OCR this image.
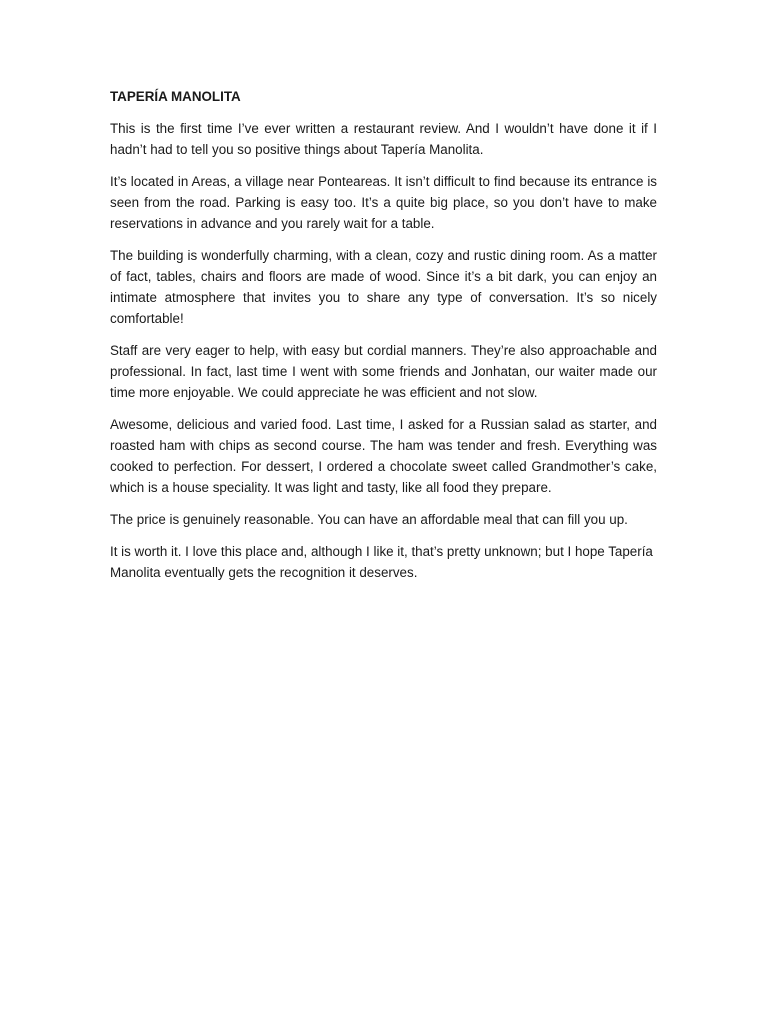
TAPERÍA MANOLITA

This is the first time I’ve ever written a restaurant review. And I wouldn’t have done it if I hadn’t had to tell you so positive things about Tapería Manolita.

It’s located in Areas, a village near Ponteareas. It isn’t difficult to find because its entrance is seen from the road. Parking is easy too. It’s a quite big place, so you don’t have to make reservations in advance and you rarely wait for a table.

The building is wonderfully charming, with a clean, cozy and rustic dining room. As a matter of fact, tables, chairs and floors are made of wood. Since it’s a bit dark, you can enjoy an intimate atmosphere that invites you to share any type of conversation. It’s so nicely comfortable!

Staff are very eager to help, with easy but cordial manners. They’re also approachable and professional. In fact, last time I went with some friends and Jonhatan, our waiter made our time more enjoyable. We could appreciate he was efficient and not slow.

Awesome, delicious and varied food. Last time, I asked for a Russian salad as starter, and roasted ham with chips as second course. The ham was tender and fresh. Everything was cooked to perfection. For dessert, I ordered a chocolate sweet called Grandmother’s cake, which is a house speciality. It was light and tasty, like all food they prepare.

The price is genuinely reasonable. You can have an affordable meal that can fill you up.

It is worth it. I love this place and, although I like it, that’s pretty unknown; but I hope Tapería Manolita eventually gets the recognition it deserves.
